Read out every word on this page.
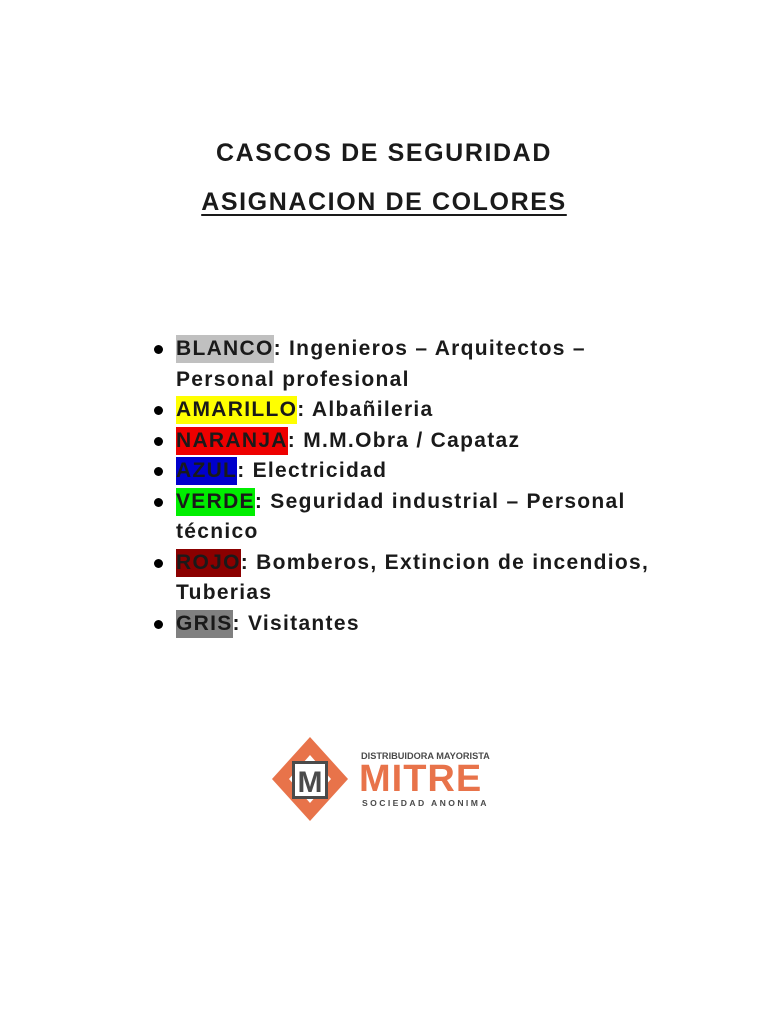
CASCOS DE SEGURIDAD
ASIGNACION DE COLORES
BLANCO: Ingenieros – Arquitectos – Personal profesional
AMARILLO: Albañileria
NARANJA: M.M.Obra / Capataz
AZUL: Electricidad
VERDE: Seguridad industrial – Personal técnico
ROJO: Bomberos, Extincion de incendios, Tuberias
GRIS: Visitantes
M
DISTRIBUIDORA MAYORISTA
MITRE
SOCIEDAD ANONIMA
